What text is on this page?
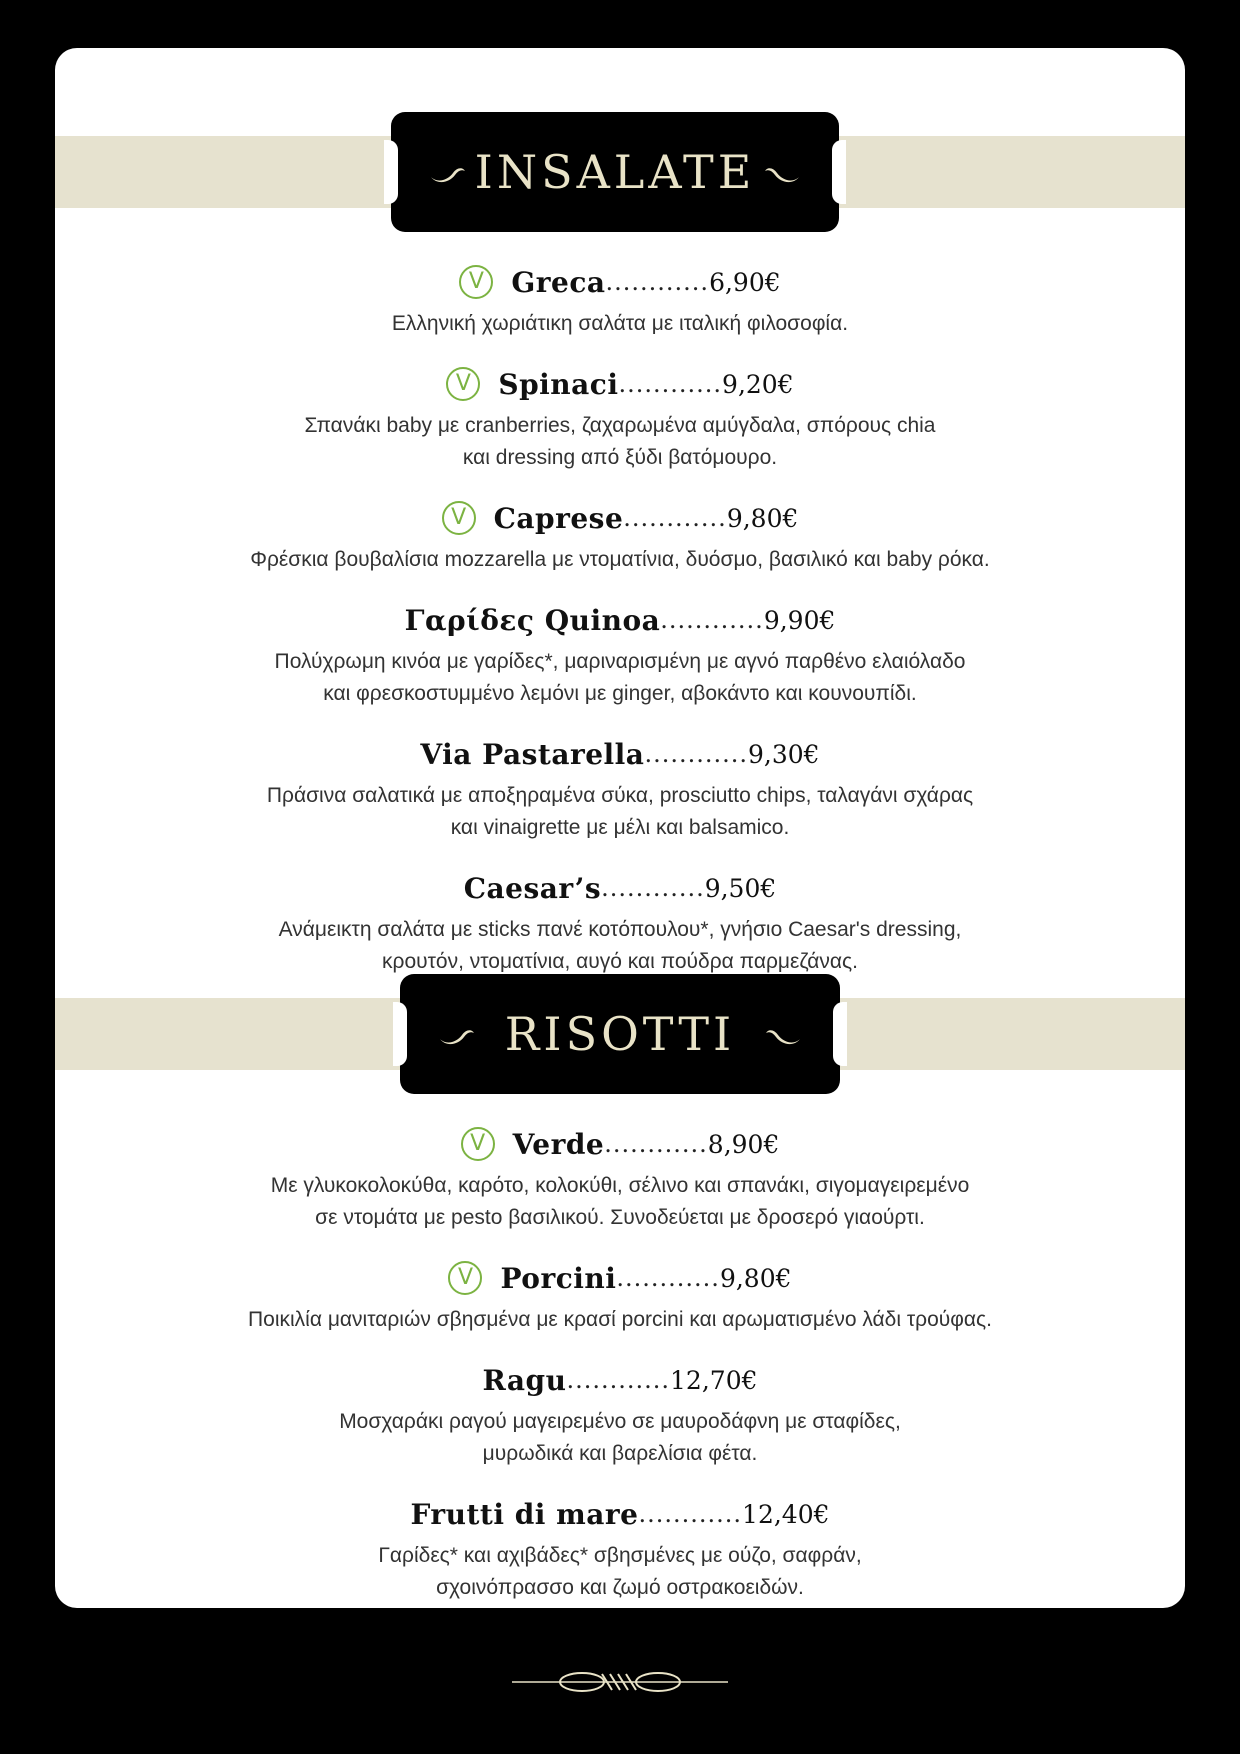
INSALATE
RISOTTI
V Greca ............ 6,90€
Ελληνική χωριάτικη σαλάτα με ιταλική φιλοσοφία.
V Spinaci ............ 9,20€
Σπανάκι baby με cranberries, ζαχαρωμένα αμύγδαλα, σπόρους chia
και dressing από ξύδι βατόμουρο.
V Caprese ............ 9,80€
Φρέσκια βουβαλίσια mozzarella με ντοματίνια, δυόσμο, βασιλικό και baby ρόκα.
Γαρίδες Quinoa ............ 9,90€
Πολύχρωμη κινόα με γαρίδες*, μαριναρισμένη με αγνό παρθένο ελαιόλαδο
και φρεσκοστυμμένο λεμόνι με ginger, αβοκάντο και κουνουπίδι.
Via Pastarella ............ 9,30€
Πράσινα σαλατικά με αποξηραμένα σύκα, prosciutto chips, ταλαγάνι σχάρας
και vinaigrette με μέλι και balsamico.
Caesar’s ............ 9,50€
Ανάμεικτη σαλάτα με sticks πανέ κοτόπουλου*, γνήσιο Caesar's dressing,
κρουτόν, ντοματίνια, αυγό και πούδρα παρμεζάνας.
V Verde ............ 8,90€
Με γλυκοκολοκύθα, καρότο, κολοκύθι, σέλινο και σπανάκι, σιγομαγειρεμένο
σε ντομάτα με pesto βασιλικού. Συνοδεύεται με δροσερό γιαούρτι.
V Porcini ............ 9,80€
Ποικιλία μανιταριών σβησμένα με κρασί porcini και αρωματισμένο λάδι τρούφας.
Ragu ............ 12,70€
Μοσχαράκι ραγού μαγειρεμένο σε μαυροδάφνη με σταφίδες,
μυρωδικά και βαρελίσια φέτα.
Frutti di mare ............ 12,40€
Γαρίδες* και αχιβάδες* σβησμένες με ούζο, σαφράν,
σχοινόπρασσο και ζωμό οστρακοειδών.
